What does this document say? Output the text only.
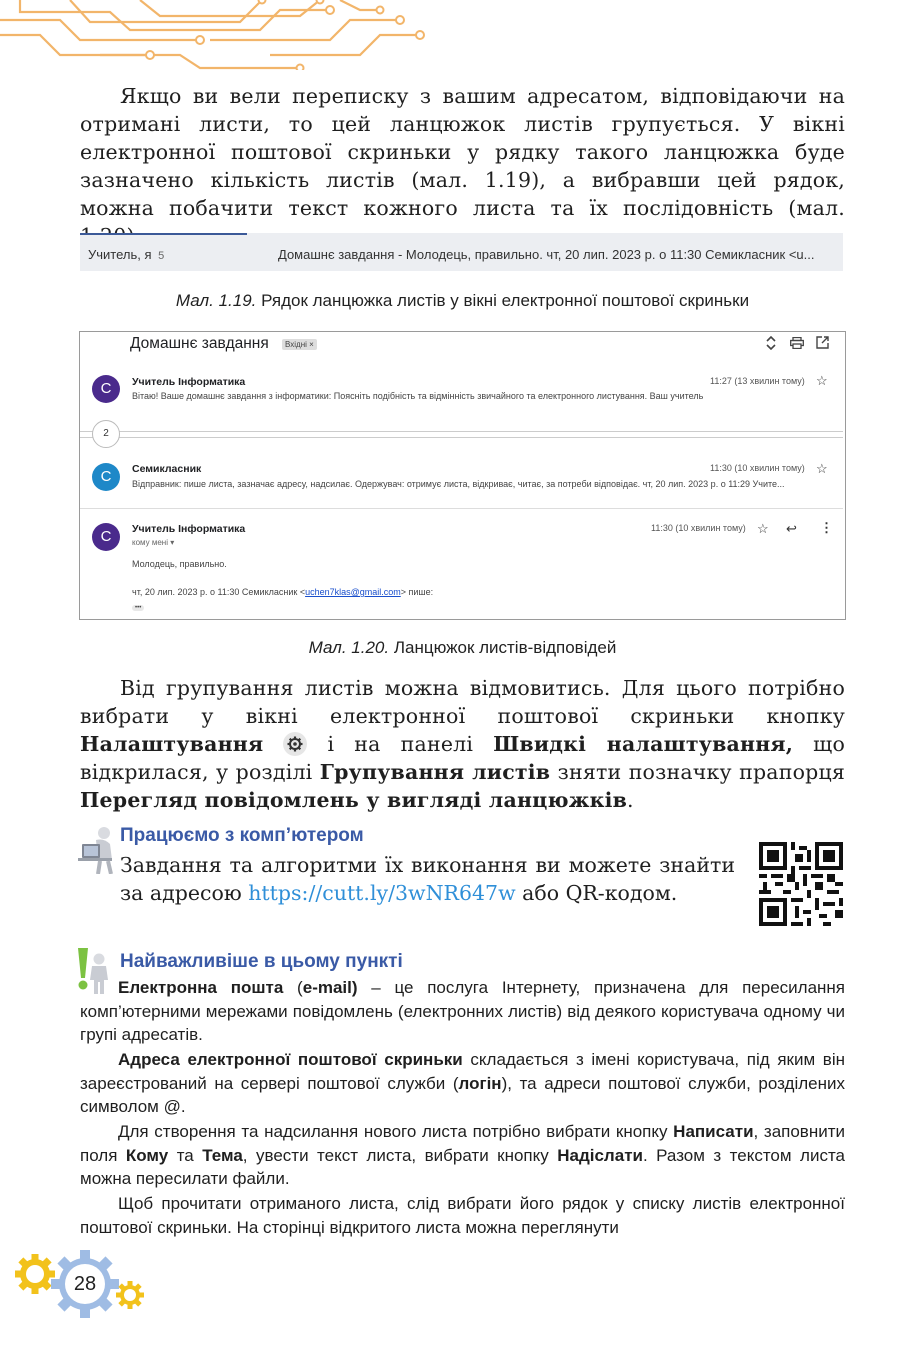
Якщо ви вели переписку з вашим адресатом, відповідаючи на отримані листи, то цей ланцюжок листів групується. У вікні електронної поштової скриньки у рядку такого ланцюжка буде зазначено кількість листів (мал. 1.19), а вибравши цей рядок, можна побачити текст кожного листа та їх послідовність (мал.
Учитель, я 5	Домашнє завдання - Молодець, правильно. чт, 20 лип. 2023 р. о 11:30 Семикласник <u...
Мал. 1.19. Рядок ланцюжка листів у вікні електронної поштової скриньки
Домашнє завдання	Вхідні ×
С	Учитель Інформатика
Вітаю! Ваше домашнє завдання з інформатики: Поясніть подібність та відмінність звичайного та електронного листування. Ваш учитель
11:27 (13 хвилин тому) ☆
2
С	Семикласник
Відправник: пише листа, зазначає адресу, надсилає. Одержувач: отримує листа, відкриває, читає, за потреби відповідає. чт, 20 лип. 2023 р. о 11:29 Учите...
11:30 (10 хвилин тому) ☆
С	Учитель Інформатика
кому мені ▾
11:30 (10 хвилин тому) ☆ ↩ ⋮
Молодець, правильно.
чт, 20 лип. 2023 р. о 11:30 Семикласник <uchen7klas@gmail.com> пише:
•••
Мал. 1.20. Ланцюжок листів-відповідей
Від групування листів можна відмовитись. Для цього потрібно вибрати у вікні електронної поштової скриньки кнопку Налаштування
і на панелі Швидкі налаштування, що відкрилася, у розділі Групування листів зняти позначку прапорця Перегляд повідомлень у вигляді ланцюжків.
Працюємо з комп’ютером
Завдання та алгоритми їх виконання ви можете знайти за адресою https://cutt.ly/3wNR647w або QR-кодом.
Найважливіше в цьому пункті
Електронна пошта (e-mail) – це послуга Інтернету, призначена для пересилання комп’ютерними мережами повідомлень (електронних листів) від деякого користувача одному чи групі адресатів.
Адреса електронної поштової скриньки складається з імені користувача, під яким він зареєстрований на сервері поштової служби (логін), та адреси поштової служби, розділених символом @.
Для створення та надсилання нового листа потрібно вибрати кнопку Написати, заповнити поля Кому та Тема, увести текст листа, вибрати кнопку Надіслати. Разом з текстом листа можна пересилати файли.
Щоб прочитати отриманого листа, слід вибрати його рядок у списку листів електронної поштової скриньки. На сторінці відкритого листа можна переглянути
28
